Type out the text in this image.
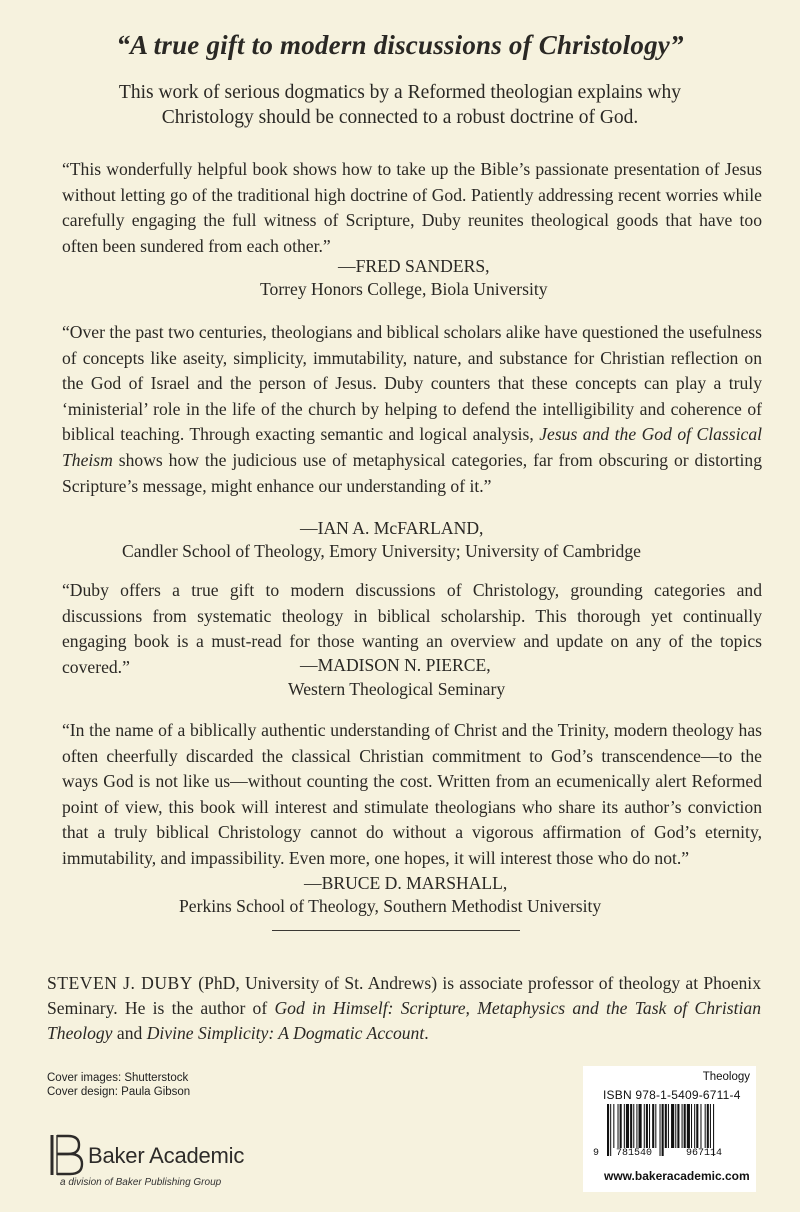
“A true gift to modern discussions of Christology”
This work of serious dogmatics by a Reformed theologian explains why
Christology should be connected to a robust doctrine of God.
“This wonderfully helpful book shows how to take up the Bible’s passionate presentation of Jesus without letting go of the traditional high doctrine of God. Patiently addressing recent worries while carefully engaging the full witness of Scripture, Duby reunites theological goods that have too often been sundered from each other.”
—FRED SANDERS,
Torrey Honors College, Biola University
“Over the past two centuries, theologians and biblical scholars alike have questioned the usefulness of concepts like aseity, simplicity, immutability, nature, and substance for Christian reflection on the God of Israel and the person of Jesus. Duby counters that these concepts can play a truly ‘ministerial’ role in the life of the church by helping to defend the intelligibility and coherence of biblical teaching. Through exacting semantic and logical analysis, Jesus and the God of Classical Theism shows how the judicious use of metaphysical categories, far from obscuring or distorting Scripture’s message, might enhance our understanding of it.”
—IAN A. McFARLAND,
Candler School of Theology, Emory University; University of Cambridge
“Duby offers a true gift to modern discussions of Christology, grounding categories and discussions from systematic theology in biblical scholarship. This thorough yet continually engaging book is a must-read for those wanting an overview and update on any of the topics covered.”	—MADISON N. PIERCE,
Western Theological Seminary
“In the name of a biblically authentic understanding of Christ and the Trinity, modern theology has often cheerfully discarded the classical Christian commitment to God’s transcendence—to the ways God is not like us—without counting the cost. Written from an ecumenically alert Reformed point of view, this book will interest and stimulate theologians who share its author’s conviction that a truly biblical Christology cannot do without a vigorous affirmation of God’s eternity, immutability, and impassibility. Even more, one hopes, it will interest those who do not.”
—BRUCE D. MARSHALL,
Perkins School of Theology, Southern Methodist University
STEVEN J. DUBY (PhD, University of St. Andrews) is associate professor of theology at Phoenix Seminary. He is the author of God in Himself: Scripture, Metaphysics and the Task of Christian Theology and Divine Simplicity: A Dogmatic Account.
Cover images: Shutterstock
Cover design: Paula Gibson
Baker Academic
a division of Baker Publishing Group
Theology
ISBN 978-1-5409-6711-4
9 781540	967114
www.bakeracademic.com
